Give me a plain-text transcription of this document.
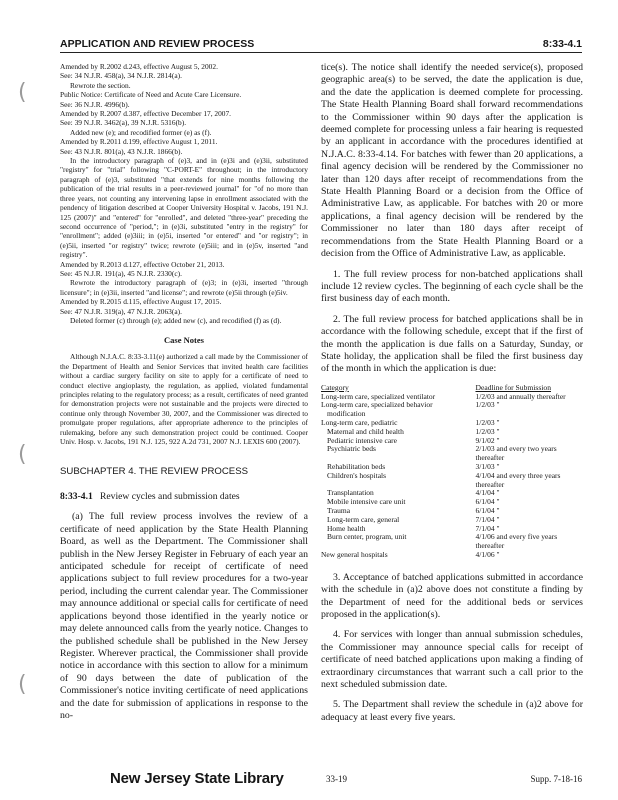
APPLICATION AND REVIEW PROCESS	8:33-4.1
(
(
(

Amended by R.2002 d.243, effective August 5, 2002.

See: 34 N.J.R. 458(a), 34 N.J.R. 2814(a).

Rewrote the section.

Public Notice: Certificate of Need and Acute Care Licensure.

See: 36 N.J.R. 4996(b).

Amended by R.2007 d.387, effective December 17, 2007.

See: 39 N.J.R. 3462(a), 39 N.J.R. 5316(b).

Added new (e); and recodified former (e) as (f).

Amended by R.2011 d.199, effective August 1, 2011.

See: 43 N.J.R. 801(a), 43 N.J.R. 1866(b).

In the introductory paragraph of (e)3, and in (e)3i and (e)3ii, substituted "registry" for "trial" following "C-PORT-E" throughout; in the introductory paragraph of (e)3, substituted "that extends for nine months following the publication of the trial results in a peer-reviewed journal" for "of no more than three years, not counting any intervening lapse in enrollment associated with the pendency of litigation described at Cooper University Hospital v. Jacobs, 191 N.J. 125 (2007)" and "entered" for "enrolled", and deleted "three-year" preceding the second occurrence of "period,"; in (e)3i, substituted "entry in the registry" for "enrollment"; added (e)3iii; in (e)5i, inserted "or entered" and "or registry"; in (e)5ii, inserted "or registry" twice; rewrote (e)5iii; and in (e)5v, inserted "and registry".

Amended by R.2013 d.127, effective October 21, 2013.

See: 45 N.J.R. 191(a), 45 N.J.R. 2330(c).

Rewrote the introductory paragraph of (e)3; in (e)3i, inserted "through licensure"; in (e)3ii, inserted "and license"; and rewrote (e)5ii through (e)5iv.

Amended by R.2015 d.115, effective August 17, 2015.

See: 47 N.J.R. 319(a), 47 N.J.R. 2063(a).

Deleted former (c) through (e); added new (c), and recodified (f) as (d).

Case Notes

Although N.J.A.C. 8:33-3.11(e) authorized a call made by the Commissioner of the Department of Health and Senior Services that invited health care facilities without a cardiac surgery facility on site to apply for a certificate of need to conduct elective angioplasty, the regulation, as applied, violated fundamental principles relating to the regulatory process; as a result, certificates of need granted for demonstration projects were not sustainable and the projects were directed to continue only through November 30, 2007, and the Commissioner was directed to promulgate proper regulations, after appropriate adherence to the principles of rulemaking, before any such demonstration project could be continued. Cooper Univ. Hosp. v. Jacobs, 191 N.J. 125, 922 A.2d 731, 2007 N.J. LEXIS 600 (2007).

SUBCHAPTER 4. THE REVIEW PROCESS
8:33-4.1 Review cycles and submission dates

(a) The full review process involves the review of a certificate of need application by the State Health Planning Board, as well as the Department. The Commissioner shall publish in the New Jersey Register in February of each year an anticipated schedule for receipt of certificate of need applications subject to full review procedures for a two-year period, including the current calendar year. The Commissioner may announce additional or special calls for certificate of need applications beyond those identified in the yearly notice or may delete announced calls from the yearly notice. Changes to the published schedule shall be published in the New Jersey Register. Wherever practical, the Commissioner shall provide notice in accordance with this section to allow for a minimum of 90 days between the date of publication of the Commissioner's notice inviting certificate of need applications and the date for submission of applications in response to the no-

tice(s). The notice shall identify the needed service(s), proposed geographic area(s) to be served, the date the application is due, and the date the application is deemed complete for processing. The State Health Planning Board shall forward recommendations to the Commissioner within 90 days after the application is deemed complete for processing unless a fair hearing is requested by an applicant in accordance with the procedures identified at N.J.A.C. 8:33-4.14. For batches with fewer than 20 applications, a final agency decision will be rendered by the Commissioner no later than 120 days after receipt of recommendations from the State Health Planning Board or a decision from the Office of Administrative Law, as applicable. For batches with 20 or more applications, a final agency decision will be rendered by the Commissioner no later than 180 days after receipt of recommendations from the State Health Planning Board or a decision from the Office of Administrative Law, as applicable.

1. The full review process for non-batched applications shall include 12 review cycles. The beginning of each cycle shall be the first business day of each month.

2. The full review process for batched applications shall be in accordance with the following schedule, except that if the first of the month the application is due falls on a Saturday, Sunday, or State holiday, the application shall be filed the first business day of the month in which the application is due:

Category	Deadline for Submission
Long-term care, specialized ventilator	1/2/03 and annually thereafter
Long-term care, specialized behavior	1/2/03 "
modification	
Long-term care, pediatric	1/2/03 "
Maternal and child health	1/2/03 "
Pediatric intensive care	9/1/02 "
Psychiatric beds	2/1/03 and every two years
	thereafter
Rehabilitation beds	3/1/03 "
Children's hospitals	4/1/04 and every three years
	thereafter
Transplantation	4/1/04 "
Mobile intensive care unit	6/1/04 "
Trauma	6/1/04 "
Long-term care, general	7/1/04 "
Home health	7/1/04 "
Burn center, program, unit	4/1/06 and every five years
	thereafter
New general hospitals	4/1/06 "

3. Acceptance of batched applications submitted in accordance with the schedule in (a)2 above does not constitute a finding by the Department of need for the additional beds or services proposed in the application(s).

4. For services with longer than annual submission schedules, the Commissioner may announce special calls for receipt of certificate of need batched applications upon making a finding of extraordinary circumstances that warrant such a call prior to the next scheduled submission date.

5. The Department shall review the schedule in (a)2 above for adequacy at least every five years.

New Jersey State Library	33-19	Supp. 7-18-16
